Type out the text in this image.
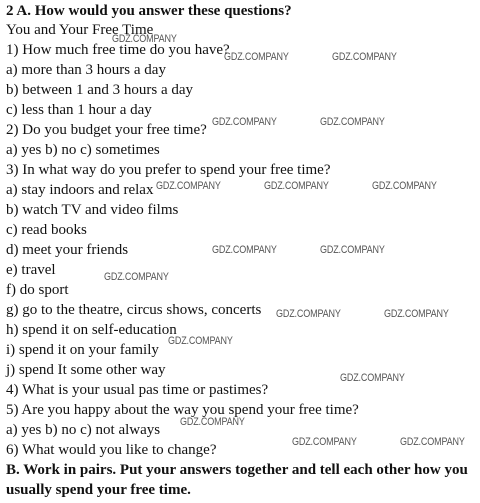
2 A. How would you answer these questions?
You and Your Free Time
1) How much free time do you have?
a) more than 3 hours a day
b) between 1 and 3 hours a day
c) less than 1 hour a day
2) Do you budget your free time?
a) yes b) no c) sometimes
3) In what way do you prefer to spend your free time?
a) stay indoors and relax
b) watch TV and video films
c) read books
d) meet your friends
e) travel
f) do sport
g) go to the theatre, circus shows, concerts
h) spend it on self-education
i) spend it on your family
j) spend It some other way
4) What is your usual pas time or pastimes?
5) Are you happy about the way you spend your free time?
a) yes b) no c) not always
6) What would you like to change?
B. Work in pairs. Put your answers together and tell each other how you
usually spend your free time.
GDZ.COMPANY
GDZ.COMPANY	GDZ.COMPANY
GDZ.COMPANY	GDZ.COMPANY
GDZ.COMPANY	GDZ.COMPANY	GDZ.COMPANY
GDZ.COMPANY	GDZ.COMPANY
GDZ.COMPANY
GDZ.COMPANY	GDZ.COMPANY
GDZ.COMPANY
GDZ.COMPANY
GDZ.COMPANY
GDZ.COMPANY	GDZ.COMPANY
